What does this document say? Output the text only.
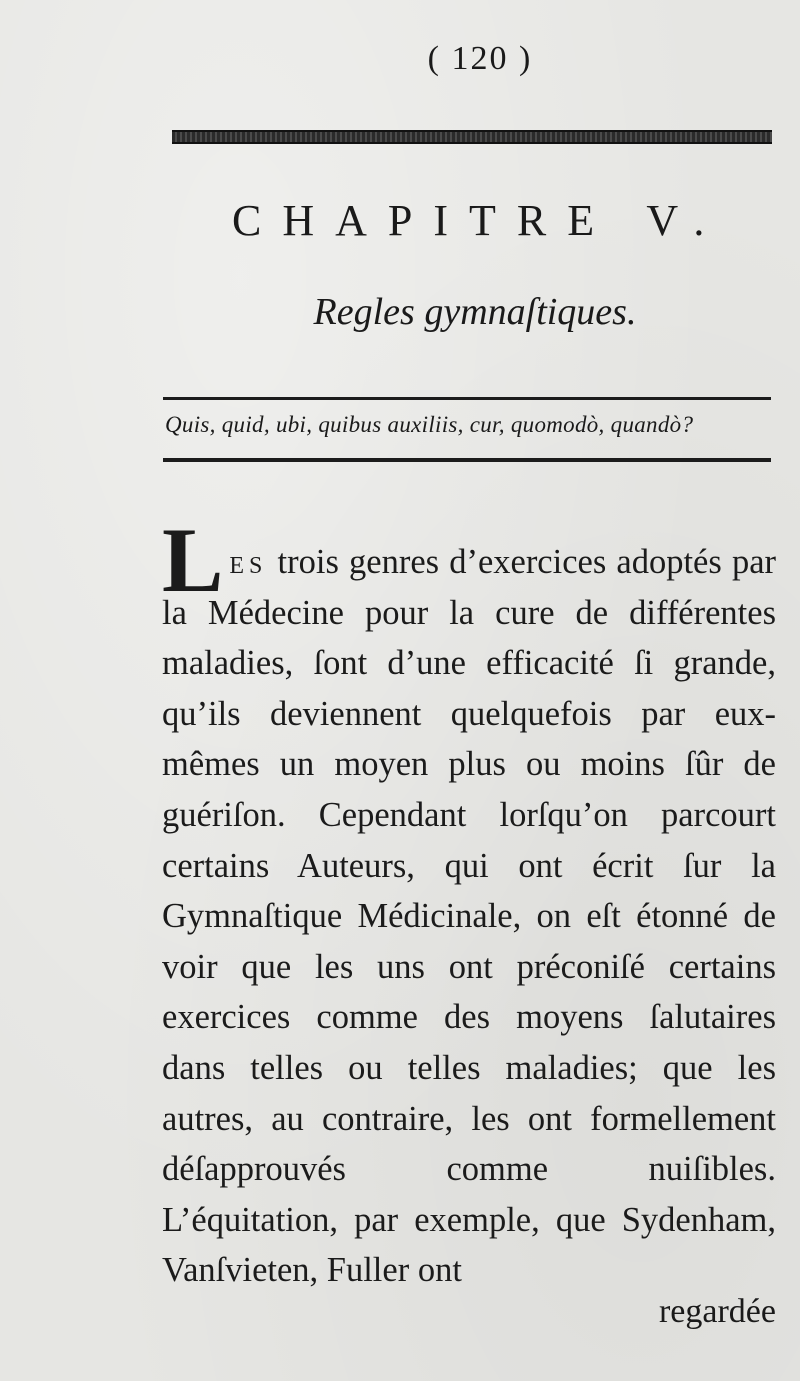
( 120 )
CHAPITRE V.
Regles gymnaſtiques.
Quis, quid, ubi, quibus auxiliis, cur, quomodò, quandò?
Les trois genres d’exercices adoptés par la Médecine pour la cure de différentes maladies, ſont d’une efficacité ſi grande, qu’ils deviennent quelquefois par eux-mêmes un moyen plus ou moins ſûr de guériſon. Cependant lorſqu’on parcourt certains Auteurs, qui ont écrit ſur la Gymnaſtique Médicinale, on eſt étonné de voir que les uns ont préconiſé certains exercices comme des moyens ſalutaires dans telles ou telles maladies; que les autres, au contraire, les ont formellement déſapprouvés comme nuiſibles. L’équitation, par exemple, que Sydenham, Vanſvieten, Fuller ont
regardée
